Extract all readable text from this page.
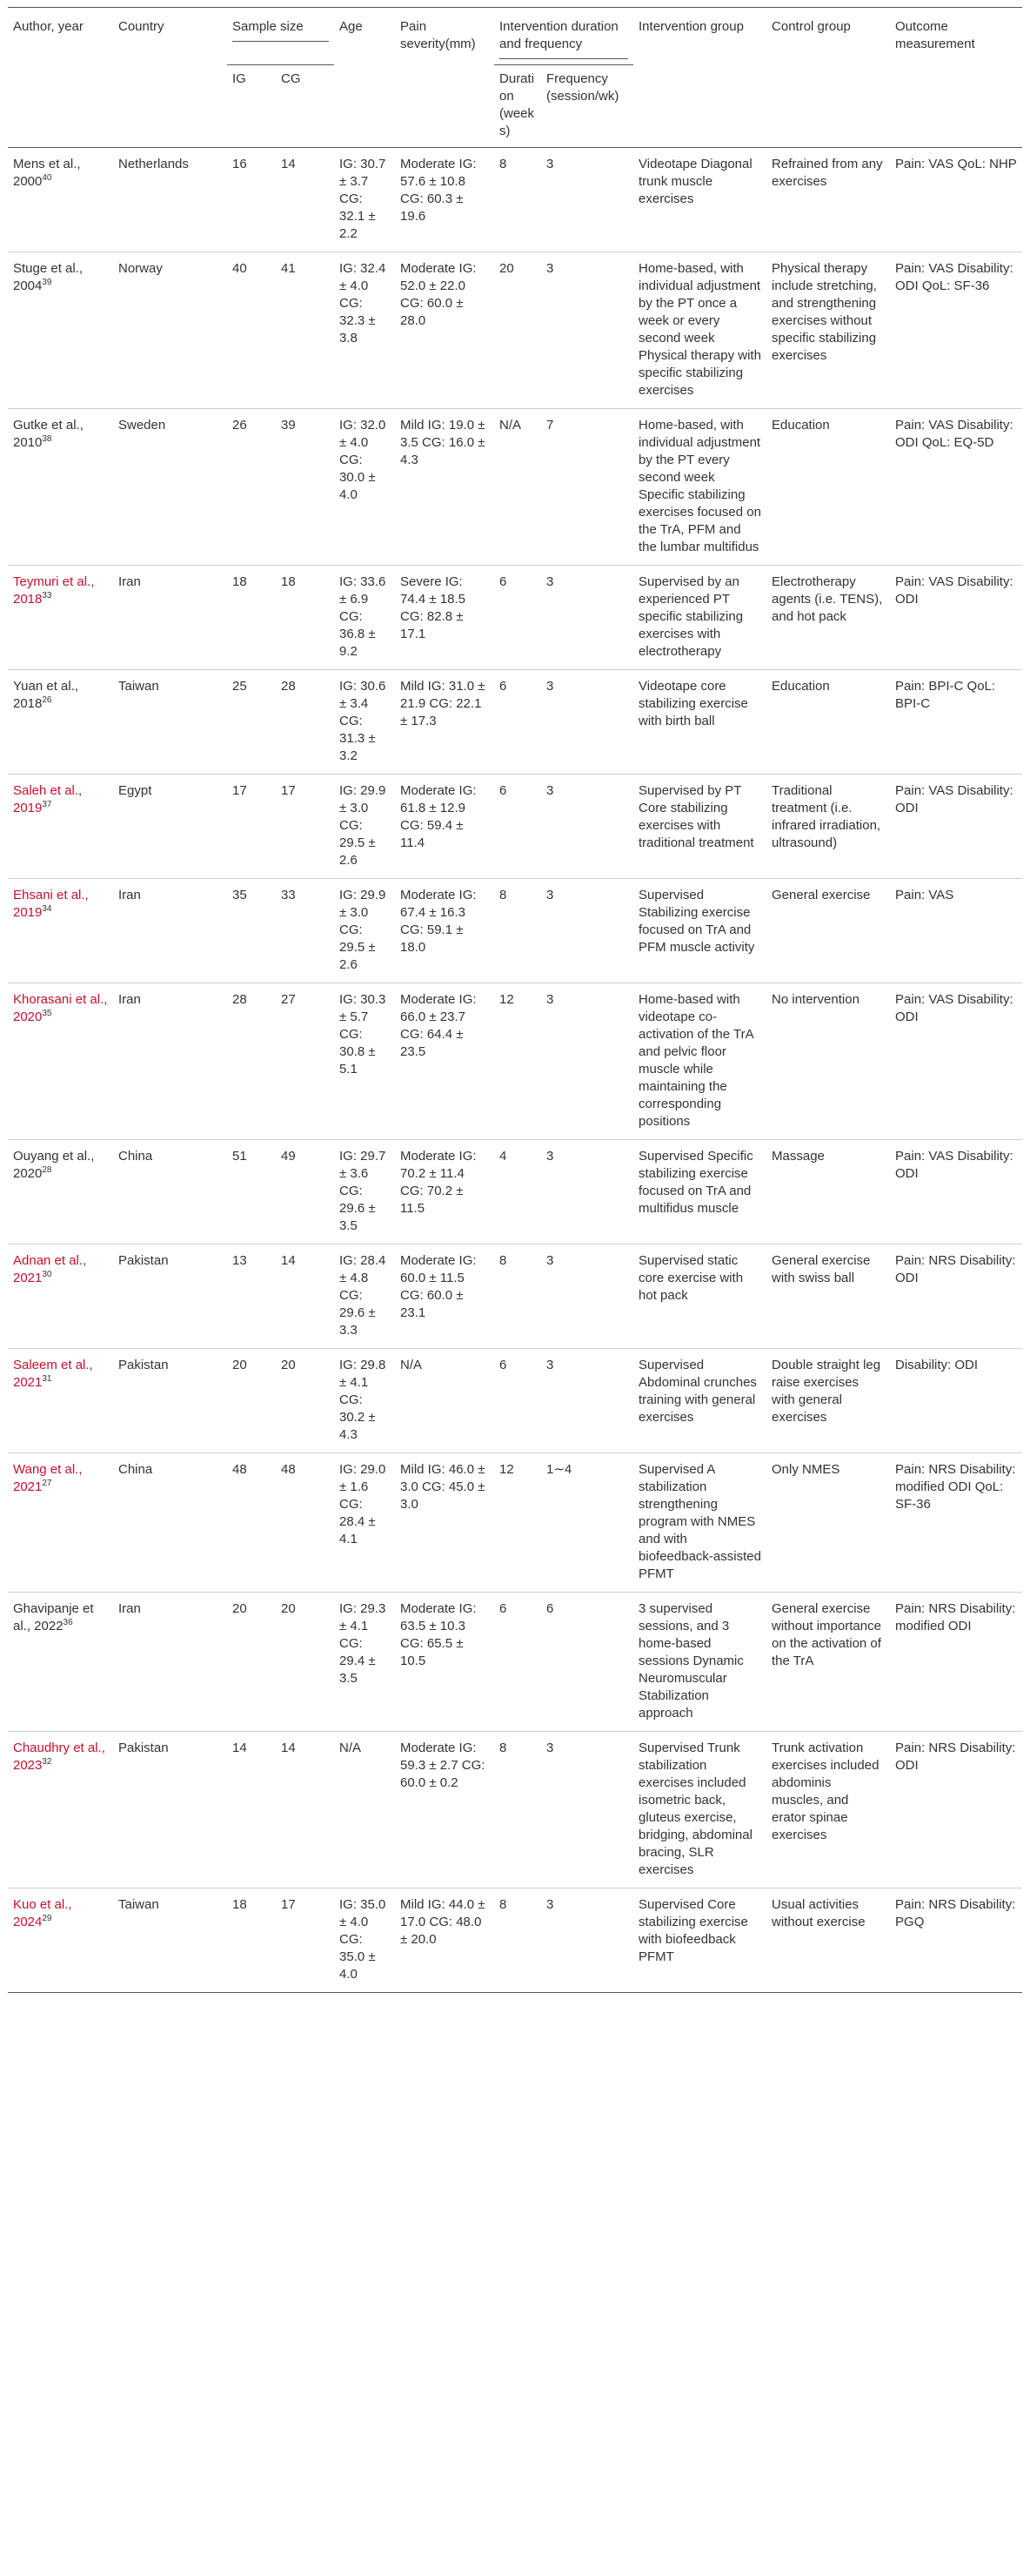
Author, year	Country	Sample size		Age	Pain severity(mm)	Intervention duration and frequency		Intervention group	Control group	Outcome measurement
		IG	CG			Duration (weeks)	Frequency (session/wk)			
Mens et al., 2000$^{40}$	Netherlands	16	14	IG: 30.7 ± 3.7 CG: 32.1 ± 2.2	Moderate IG: 57.6 ± 10.8 CG: 60.3 ± 19.6	8	3	Videotape Diagonal trunk muscle exercises	Refrained from any exercises	Pain: VAS QoL: NHP
Stuge et al., 2004$^{39}$	Norway	40	41	IG: 32.4 ± 4.0 CG: 32.3 ± 3.8	Moderate IG: 52.0 ± 22.0 CG: 60.0 ± 28.0	20	3	Home-based, with individual adjustment by the PT once a week or every second week Physical therapy with specific stabilizing exercises	Physical therapy include stretching, and strengthening exercises without specific stabilizing exercises	Pain: VAS Disability: ODI QoL: SF-36
Gutke et al., 2010$^{38}$	Sweden	26	39	IG: 32.0 ± 4.0 CG: 30.0 ± 4.0	Mild IG: 19.0 ± 3.5 CG: 16.0 ± 4.3	N/A	7	Home-based, with individual adjustment by the PT every second week Specific stabilizing exercises focused on the TrA, PFM and the lumbar multifidus	Education	Pain: VAS Disability: ODI QoL: EQ-5D
Teymuri et al., 2018$^{33}$	Iran	18	18	IG: 33.6 ± 6.9 CG: 36.8 ± 9.2	Severe IG: 74.4 ± 18.5 CG: 82.8 ± 17.1	6	3	Supervised by an experienced PT specific stabilizing exercises with electrotherapy	Electrotherapy agents (i.e. TENS), and hot pack	Pain: VAS Disability: ODI
Yuan et al., 2018$^{26}$	Taiwan	25	28	IG: 30.6 ± 3.4 CG: 31.3 ± 3.2	Mild IG: 31.0 ± 21.9 CG: 22.1 ± 17.3	6	3	Videotape core stabilizing exercise with birth ball	Education	Pain: BPI-C QoL: BPI-C
Saleh et al., 2019$^{37}$	Egypt	17	17	IG: 29.9 ± 3.0 CG: 29.5 ± 2.6	Moderate IG: 61.8 ± 12.9 CG: 59.4 ± 11.4	6	3	Supervised by PT Core stabilizing exercises with traditional treatment	Traditional treatment (i.e. infrared irradiation, ultrasound)	Pain: VAS Disability: ODI
Ehsani et al., 2019$^{34}$	Iran	35	33	IG: 29.9 ± 3.0 CG: 29.5 ± 2.6	Moderate IG: 67.4 ± 16.3 CG: 59.1 ± 18.0	8	3	Supervised Stabilizing exercise focused on TrA and PFM muscle activity	General exercise	Pain: VAS
Khorasani et al., 2020$^{35}$	Iran	28	27	IG: 30.3 ± 5.7 CG: 30.8 ± 5.1	Moderate IG: 66.0 ± 23.7 CG: 64.4 ± 23.5	12	3	Home-based with videotape co-activation of the TrA and pelvic floor muscle while maintaining the corresponding positions	No intervention	Pain: VAS Disability: ODI
Ouyang et al., 2020$^{28}$	China	51	49	IG: 29.7 ± 3.6 CG: 29.6 ± 3.5	Moderate IG: 70.2 ± 11.4 CG: 70.2 ± 11.5	4	3	Supervised Specific stabilizing exercise focused on TrA and multifidus muscle	Massage	Pain: VAS Disability: ODI
Adnan et al., 2021$^{30}$	Pakistan	13	14	IG: 28.4 ± 4.8 CG: 29.6 ± 3.3	Moderate IG: 60.0 ± 11.5 CG: 60.0 ± 23.1	8	3	Supervised static core exercise with hot pack	General exercise with swiss ball	Pain: NRS Disability: ODI
Saleem et al., 2021$^{31}$	Pakistan	20	20	IG: 29.8 ± 4.1 CG: 30.2 ± 4.3	N/A	6	3	Supervised Abdominal crunches training with general exercises	Double straight leg raise exercises with general exercises	Disability: ODI
Wang et al., 2021$^{27}$	China	48	48	IG: 29.0 ± 1.6 CG: 28.4 ± 4.1	Mild IG: 46.0 ± 3.0 CG: 45.0 ± 3.0	12	1∼4	Supervised A stabilization strengthening program with NMES and with biofeedback-assisted PFMT	Only NMES	Pain: NRS Disability: modified ODI QoL: SF-36
Ghavipanje et al., 2022$^{36}$	Iran	20	20	IG: 29.3 ± 4.1 CG: 29.4 ± 3.5	Moderate IG: 63.5 ± 10.3 CG: 65.5 ± 10.5	6	6	3 supervised sessions, and 3 home-based sessions Dynamic Neuromuscular Stabilization approach	General exercise without importance on the activation of the TrA	Pain: NRS Disability: modified ODI
Chaudhry et al., 2023$^{32}$	Pakistan	14	14	N/A	Moderate IG: 59.3 ± 2.7 CG: 60.0 ± 0.2	8	3	Supervised Trunk stabilization exercises included isometric back, gluteus exercise, bridging, abdominal bracing, SLR exercises	Trunk activation exercises included abdominis muscles, and erator spinae exercises	Pain: NRS Disability: ODI
Kuo et al., 2024$^{29}$	Taiwan	18	17	IG: 35.0 ± 4.0 CG: 35.0 ± 4.0	Mild IG: 44.0 ± 17.0 CG: 48.0 ± 20.0	8	3	Supervised Core stabilizing exercise with biofeedback PFMT	Usual activities without exercise	Pain: NRS Disability: PGQ
